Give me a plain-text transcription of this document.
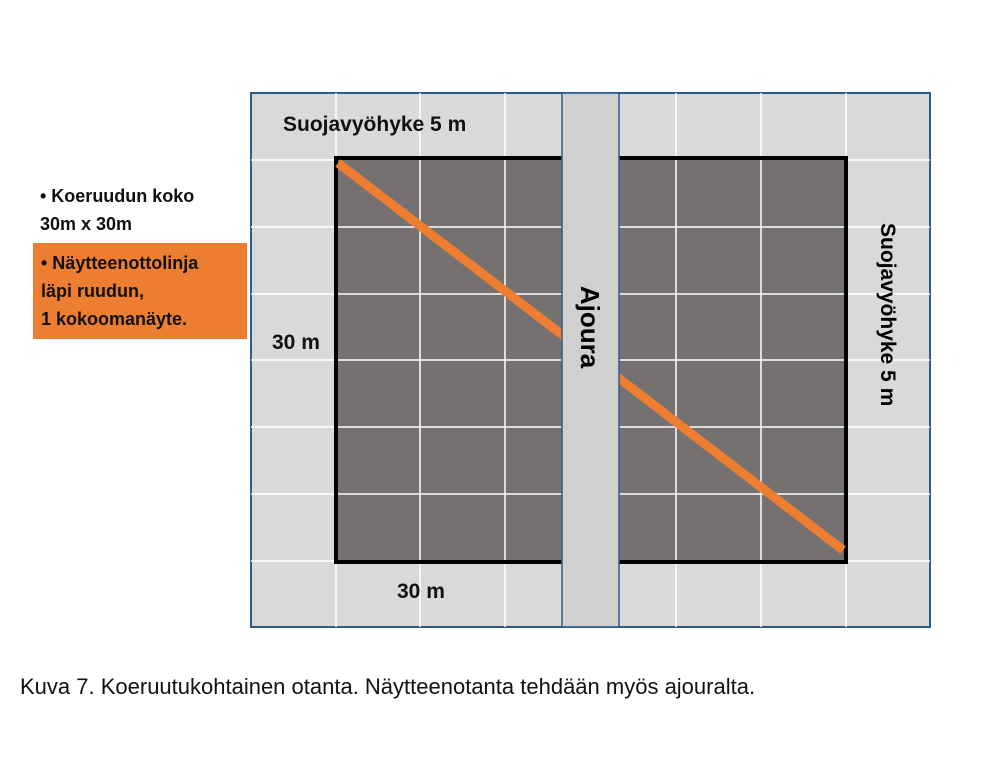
Suojavyöhyke 5 m
Suojavyöhyke 5 m
Ajoura
30 m
30 m
• Koeruudun koko
30m x 30m
• Näytteenottolinja
läpi ruudun,
1 kokoomanäyte.
Kuva 7. Koeruutukohtainen otanta. Näytteenotanta tehdään myös ajouralta.
